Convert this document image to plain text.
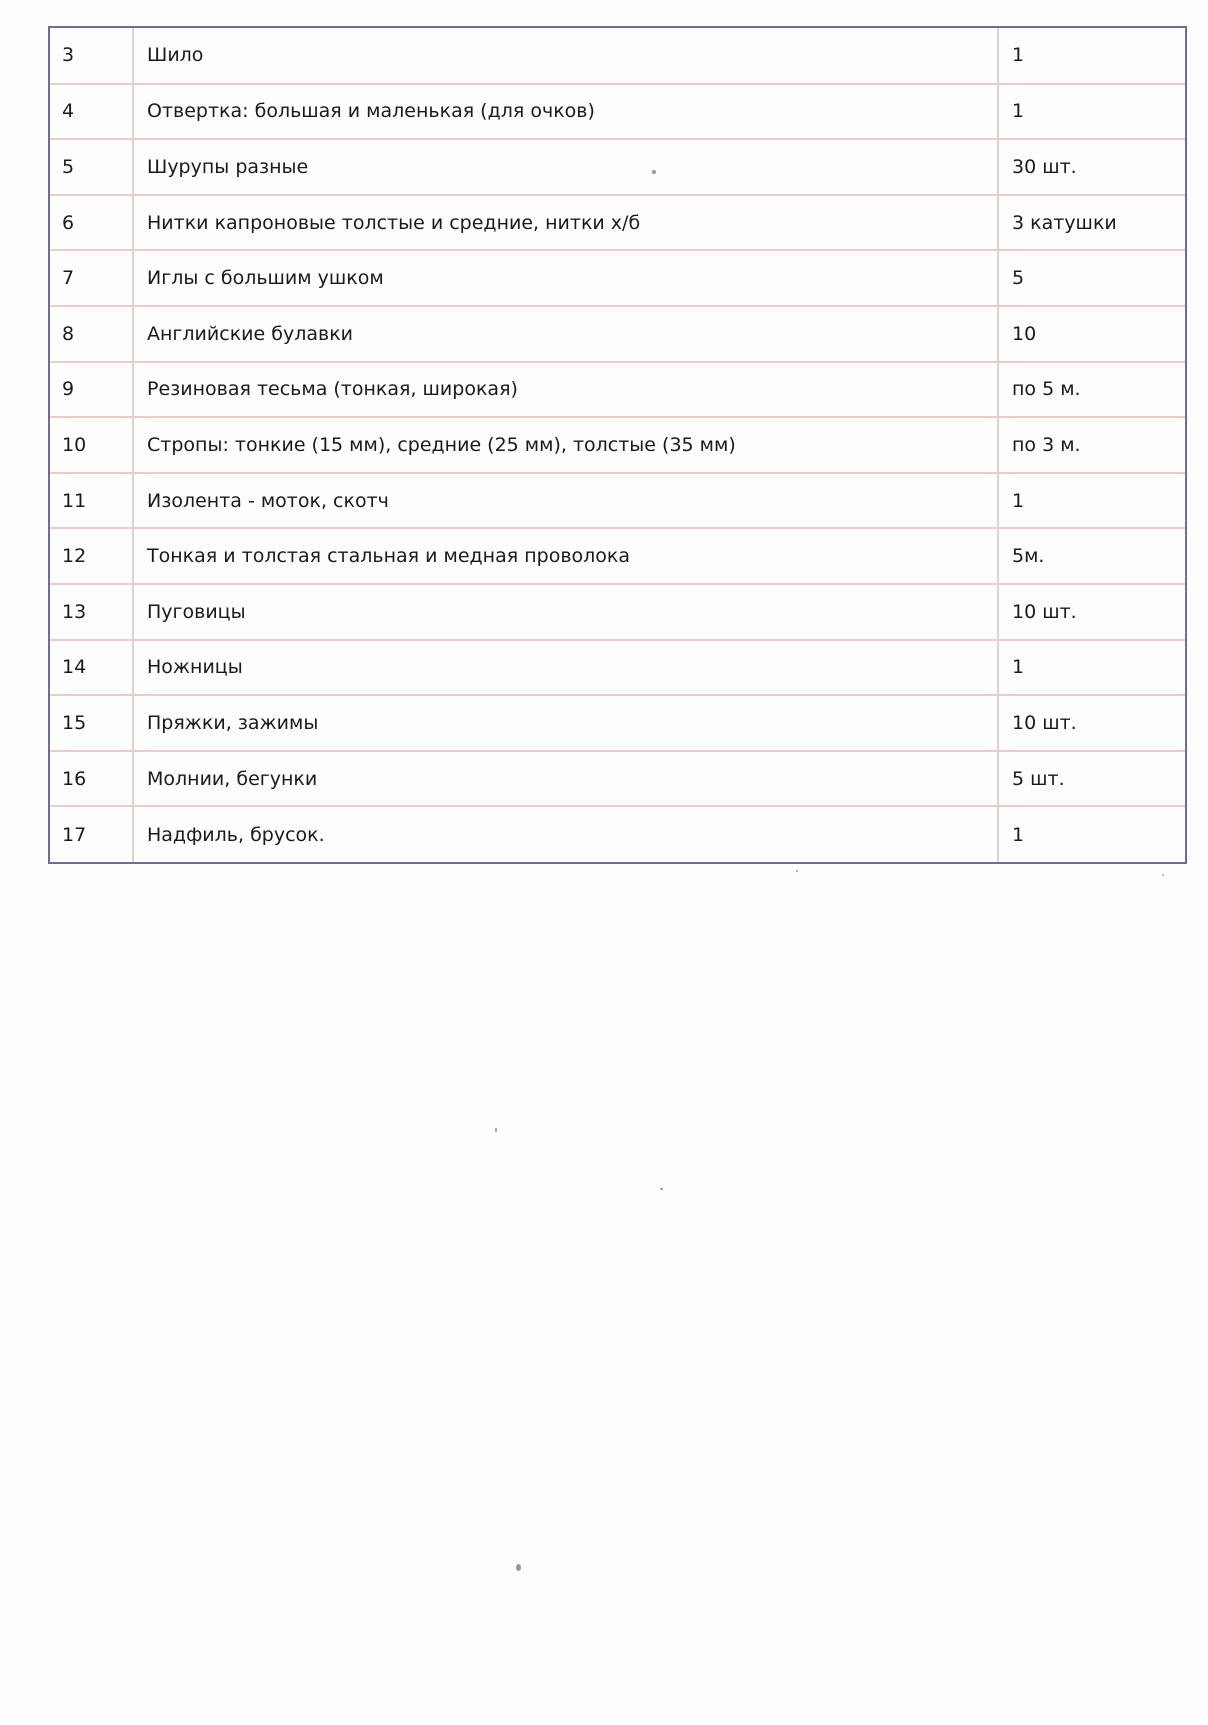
3	Шило	1
4	Отвертка: большая и маленькая (для очков)	1
5	Шурупы разные	30 шт.
6	Нитки капроновые толстые и средние, нитки х/б	3 катушки
7	Иглы с большим ушком	5
8	Английские булавки	10
9	Резиновая тесьма (тонкая, широкая)	по 5 м.
10	Стропы: тонкие (15 мм), средние (25 мм), толстые (35 мм)	по 3 м.
11	Изолента - моток, скотч	1
12	Тонкая и толстая стальная и медная проволока	5м.
13	Пуговицы	10 шт.
14	Ножницы	1
15	Пряжки, зажимы	10 шт.
16	Молнии, бегунки	5 шт.
17	Надфиль, брусок.	1
